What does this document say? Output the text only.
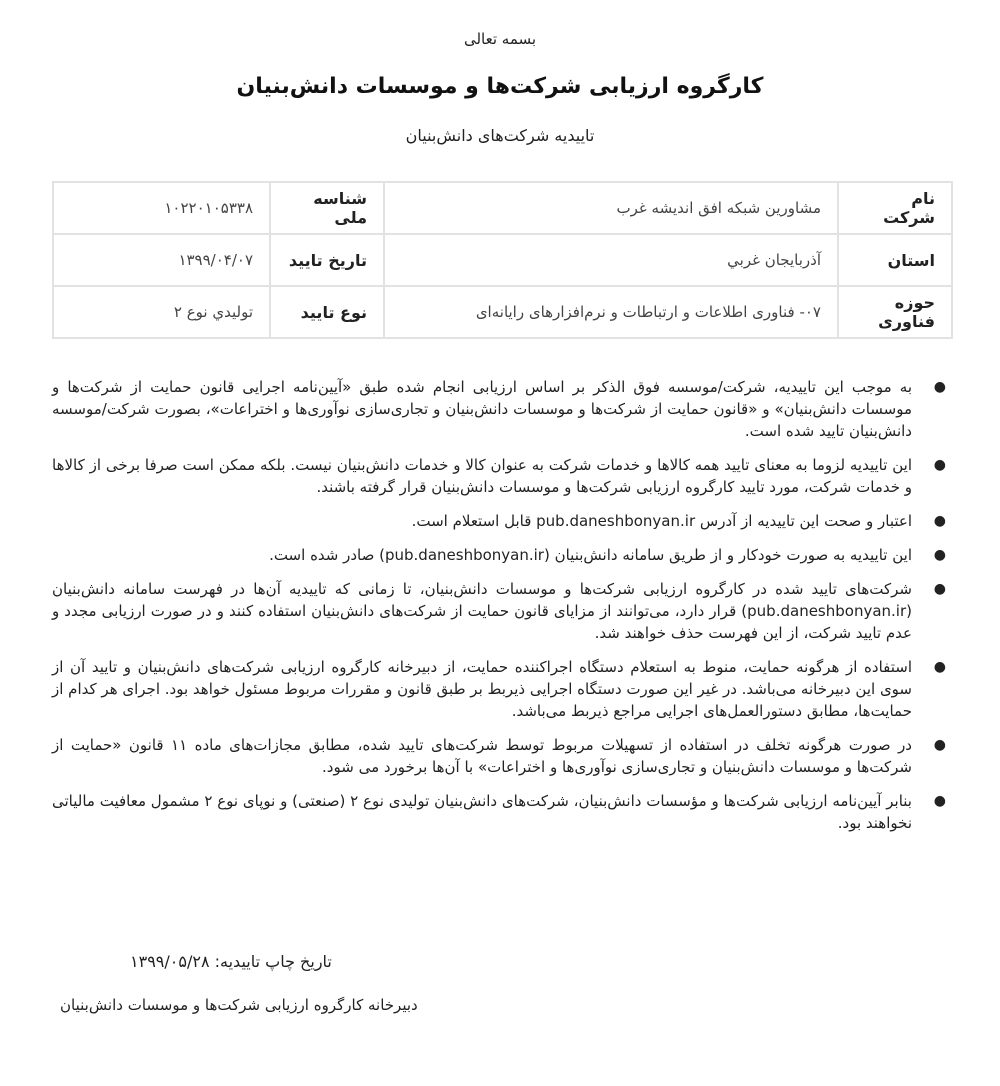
بسمه تعالی
کارگروه ارزیابی شرکت‌ها و موسسات دانش‌بنیان
تاییدیه شرکت‌های دانش‌بنیان
نام شرکت	مشاورین شبکه افق اندیشه غرب	شناسه ملی	۱۰۲۲۰۱۰۵۳۳۸
استان	آذربایجان غربي	تاریخ تایید	۱۳۹۹/۰۴/۰۷
حوزه فناوری	۰۷- فناوری اطلاعات و ارتباطات و نرم‌افزارهای رایانه‌ای	نوع تایید	تولیدي نوع ۲
●
به موجب این تاییدیه، شرکت/موسسه فوق الذکر بر اساس ارزیابی انجام شده طبق «آیین‌نامه اجرایی قانون حمایت از شرکت‌ها و موسسات دانش‌بنیان» و «قانون حمایت از شرکت‌ها و موسسات دانش‌بنیان و تجاری‌سازی نوآوری‌ها و اختراعات»، بصورت شرکت/موسسه دانش‌بنیان تایید شده است.
●
این تاییدیه لزوما به معنای تایید همه کالاها و خدمات شرکت به عنوان کالا و خدمات دانش‌بنیان نیست. بلکه ممکن است صرفا برخی از کالاها و خدمات شرکت، مورد تایید کارگروه ارزیابی شرکت‌ها و موسسات دانش‌بنیان قرار گرفته باشند.
●
اعتبار و صحت این تاییدیه از آدرس pub.daneshbonyan.ir قابل استعلام است.
●
این تاییدیه به صورت خودکار و از طریق سامانه دانش‌بنیان (pub.daneshbonyan.ir) صادر شده است.
●
شرکت‌های تایید شده در کارگروه ارزیابی شرکت‌ها و موسسات دانش‌بنیان، تا زمانی که تاییدیه آن‌ها در فهرست سامانه دانش‌بنیان (pub.daneshbonyan.ir) قرار دارد، می‌توانند از مزایای قانون حمایت از شرکت‌های دانش‌بنیان استفاده کنند و در صورت ارزیابی مجدد و عدم تایید شرکت، از این فهرست حذف خواهند شد.
●
استفاده از هرگونه حمایت، منوط به استعلام دستگاه اجراکننده حمایت، از دبیرخانه کارگروه ارزیابی شرکت‌های دانش‌بنیان و تایید آن از سوی این دبیرخانه می‌باشد. در غیر این صورت دستگاه اجرایی ذیربط بر طبق قانون و مقررات مربوط مسئول خواهد بود. اجرای هر کدام از حمایت‌ها، مطابق دستورالعمل‌های اجرایی مراجع ذیربط می‌باشد.
●
در صورت هرگونه تخلف در استفاده از تسهیلات مربوط توسط شرکت‌های تایید شده، مطابق مجازات‌های ماده ۱۱ قانون «حمایت از شرکت‌ها و موسسات دانش‌بنیان و تجاری‌سازی نوآوری‌ها و اختراعات» با آن‌ها برخورد می شود.
●
بنابر آیین‌نامه ارزیابی شرکت‌ها و مؤسسات دانش‌بنیان، شرکت‌های دانش‌بنیان تولیدی نوع ۲ (صنعتی) و نوپای نوع ۲ مشمول معافیت مالیاتی نخواهند بود.
تاریخ چاپ تاییدیه: ۱۳۹۹/۰۵/۲۸
دبیرخانه کارگروه ارزیابی شرکت‌ها و موسسات دانش‌بنیان
